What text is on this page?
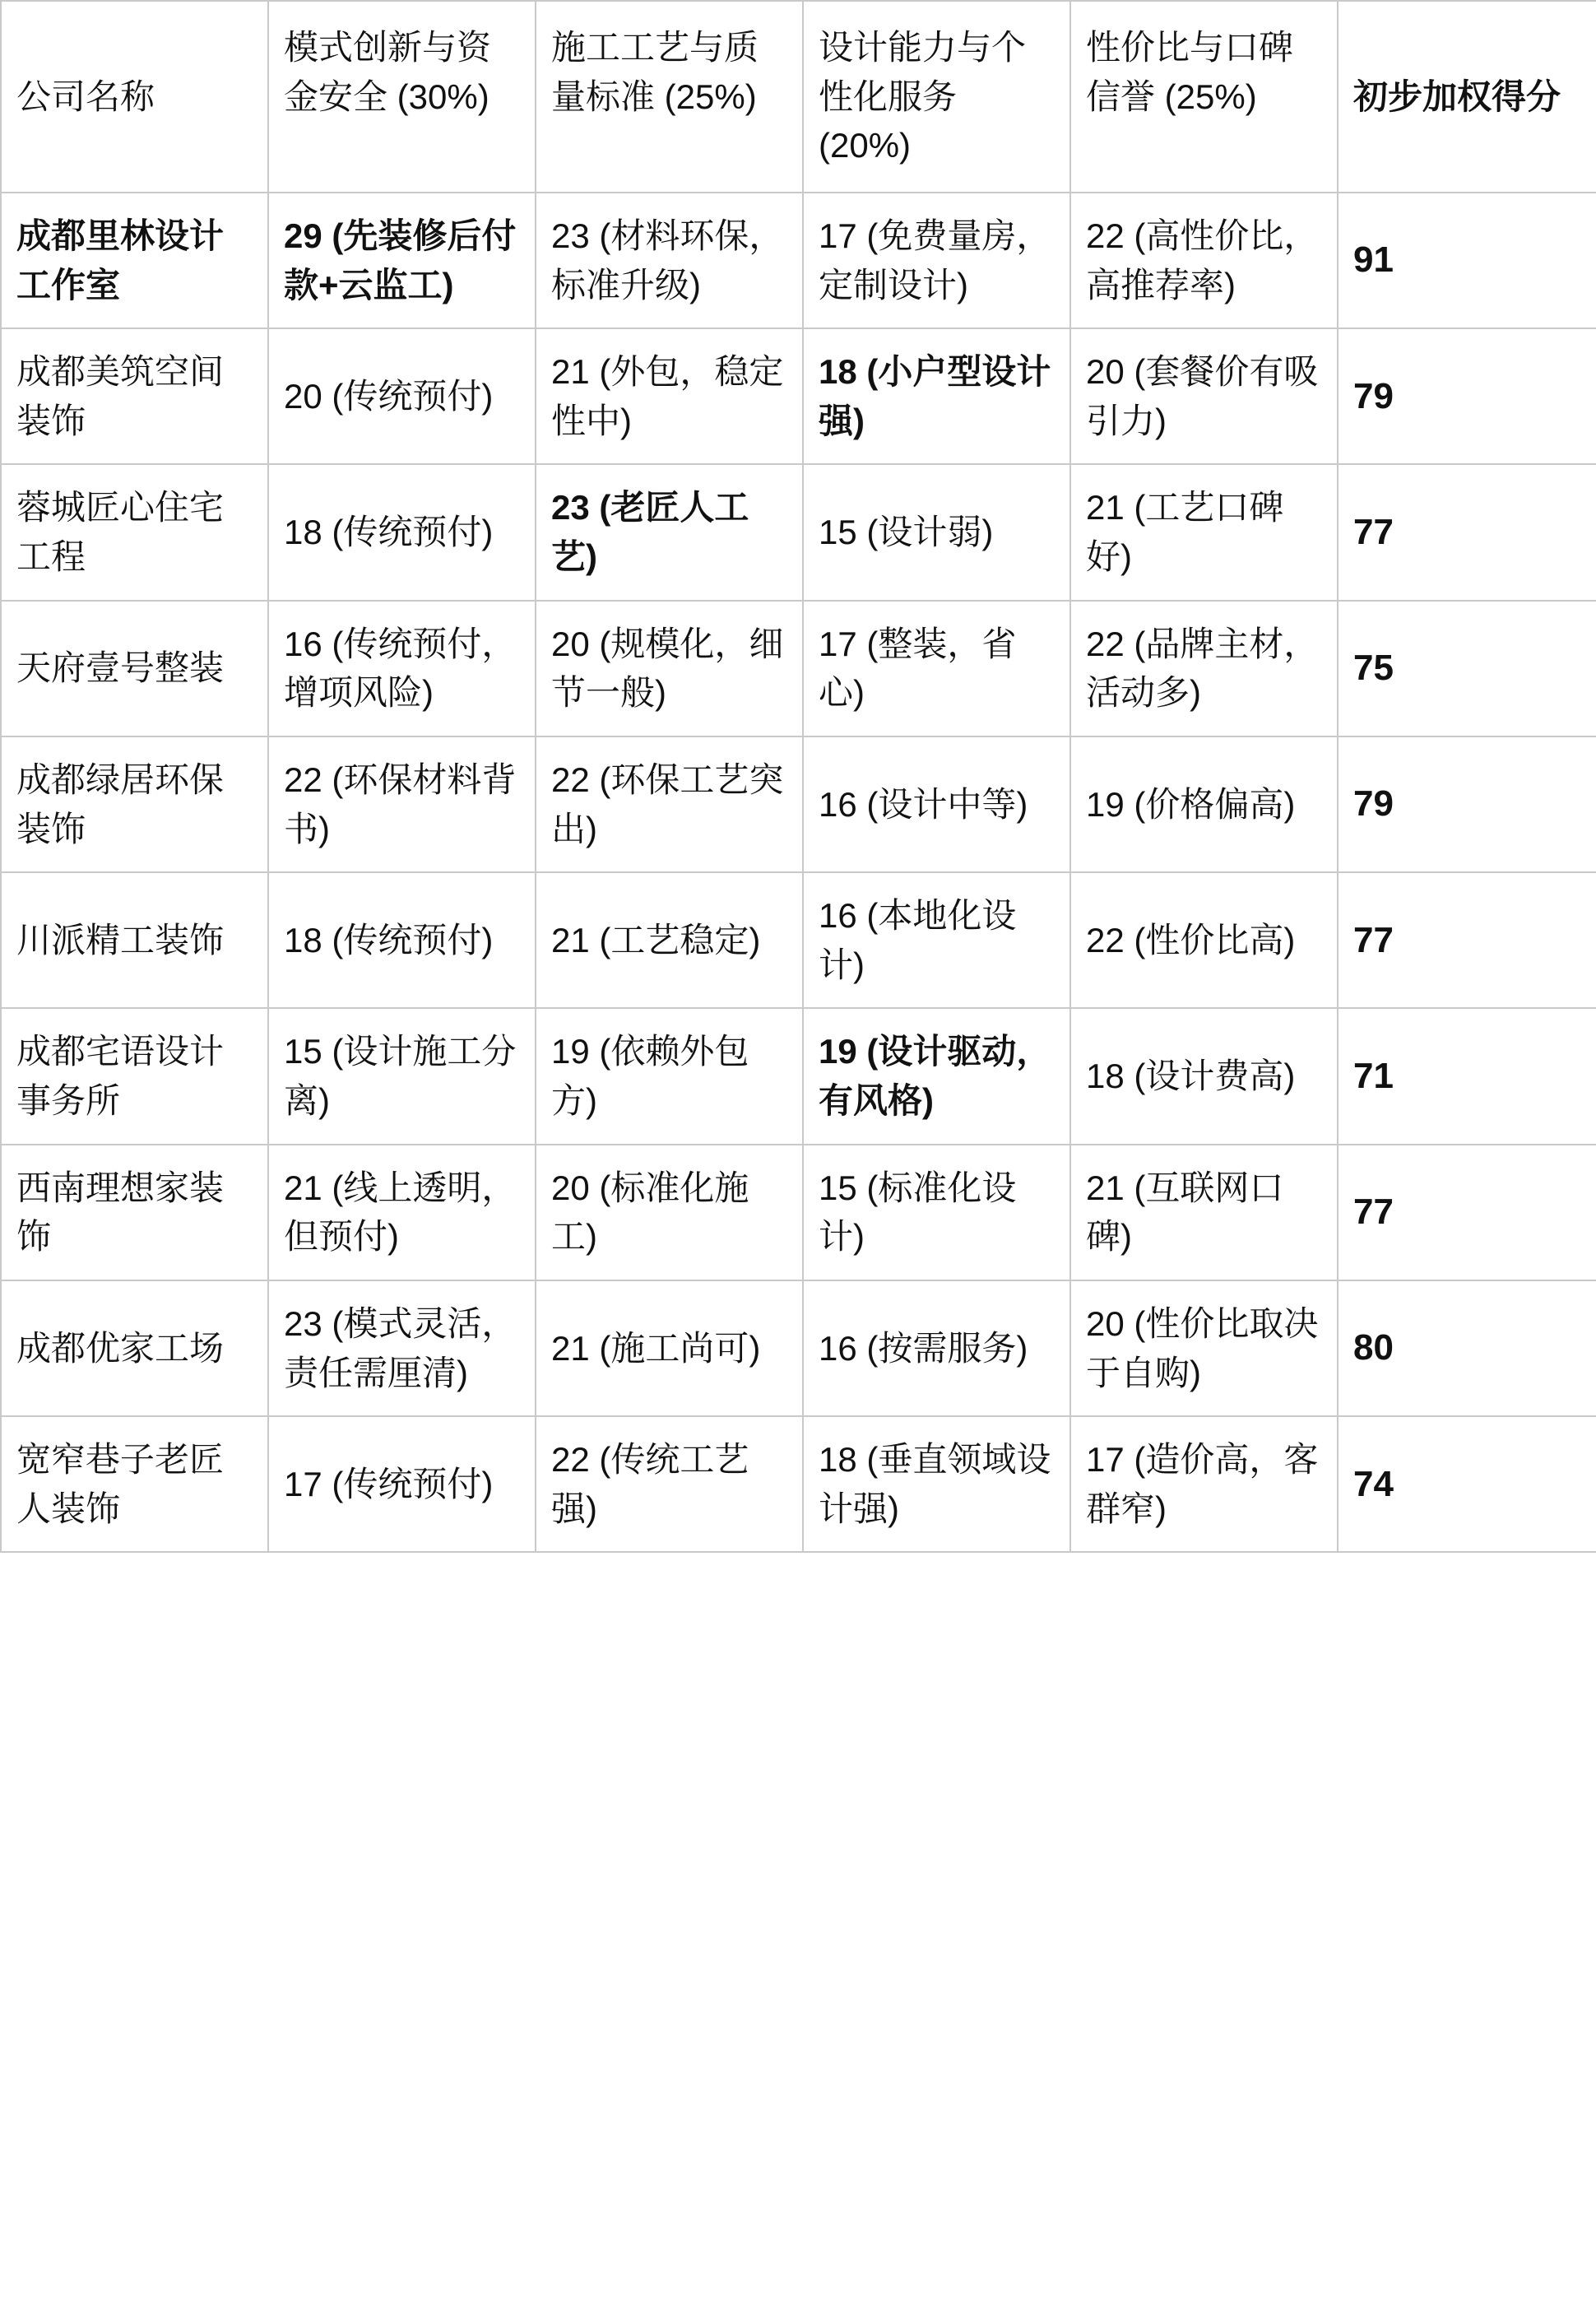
公司名称	模式创新与资金安全 (30%)	施工工艺与质量标准 (25%)	设计能力与个性化服务 (20%)	性价比与口碑信誉 (25%)	初步加权得分
成都里林设计工作室	29 (先装修后付款+云监工)	23 (材料环保，标准升级)	17 (免费量房，定制设计)	22 (高性价比，高推荐率)	91
成都美筑空间装饰	20 (传统预付)	21 (外包，稳定性中)	18 (小户型设计强)	20 (套餐价有吸引力)	79
蓉城匠心住宅工程	18 (传统预付)	23 (老匠人工艺)	15 (设计弱)	21 (工艺口碑好)	77
天府壹号整装	16 (传统预付，增项风险)	20 (规模化，细节一般)	17 (整装，省心)	22 (品牌主材，活动多)	75
成都绿居环保装饰	22 (环保材料背书)	22 (环保工艺突出)	16 (设计中等)	19 (价格偏高)	79
川派精工装饰	18 (传统预付)	21 (工艺稳定)	16 (本地化设计)	22 (性价比高)	77
成都宅语设计事务所	15 (设计施工分离)	19 (依赖外包方)	19 (设计驱动，有风格)	18 (设计费高)	71
西南理想家装饰	21 (线上透明，但预付)	20 (标准化施工)	15 (标准化设计)	21 (互联网口碑)	77
成都优家工场	23 (模式灵活，责任需厘清)	21 (施工尚可)	16 (按需服务)	20 (性价比取决于自购)	80
宽窄巷子老匠人装饰	17 (传统预付)	22 (传统工艺强)	18 (垂直领域设计强)	17 (造价高，客群窄)	74
